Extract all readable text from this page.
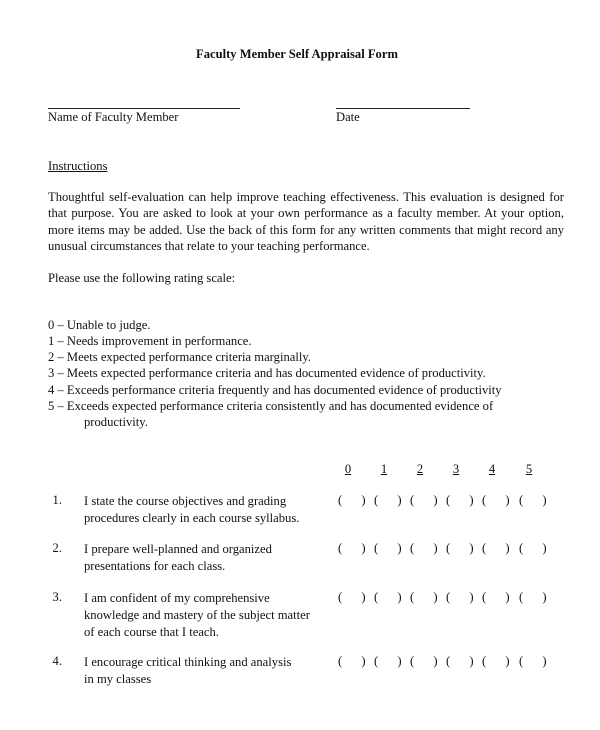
Faculty Member Self Appraisal Form
Name of Faculty Member	Date
Instructions
Thoughtful self-evaluation can help improve teaching effectiveness. This evaluation is designed for that purpose. You are asked to look at your own performance as a faculty member. At your option, more items may be added. Use the back of this form for any written comments that might record any unusual circumstances that relate to your teaching performance.
Please use the following rating scale:
0 – Unable to judge.
1 – Needs improvement in performance.
2 – Meets expected performance criteria marginally.
3 – Meets expected performance criteria and has documented evidence of productivity.
4 – Exceeds performance criteria frequently and has documented evidence of productivity
5 – Exceeds expected performance criteria consistently and has documented evidence of
productivity.
0	1	2	3	4	5
1. I state the course objectives and grading
procedures clearly in each course syllabus.
( ) ( ) ( ) ( ) ( ) ( )
2. I prepare well-planned and organized
presentations for each class.
( ) ( ) ( ) ( ) ( ) ( )
3. I am confident of my comprehensive
knowledge and mastery of the subject matter
of each course that I teach.
( ) ( ) ( ) ( ) ( ) ( )
4. I encourage critical thinking and analysis
in my classes
( ) ( ) ( ) ( ) ( ) ( )
